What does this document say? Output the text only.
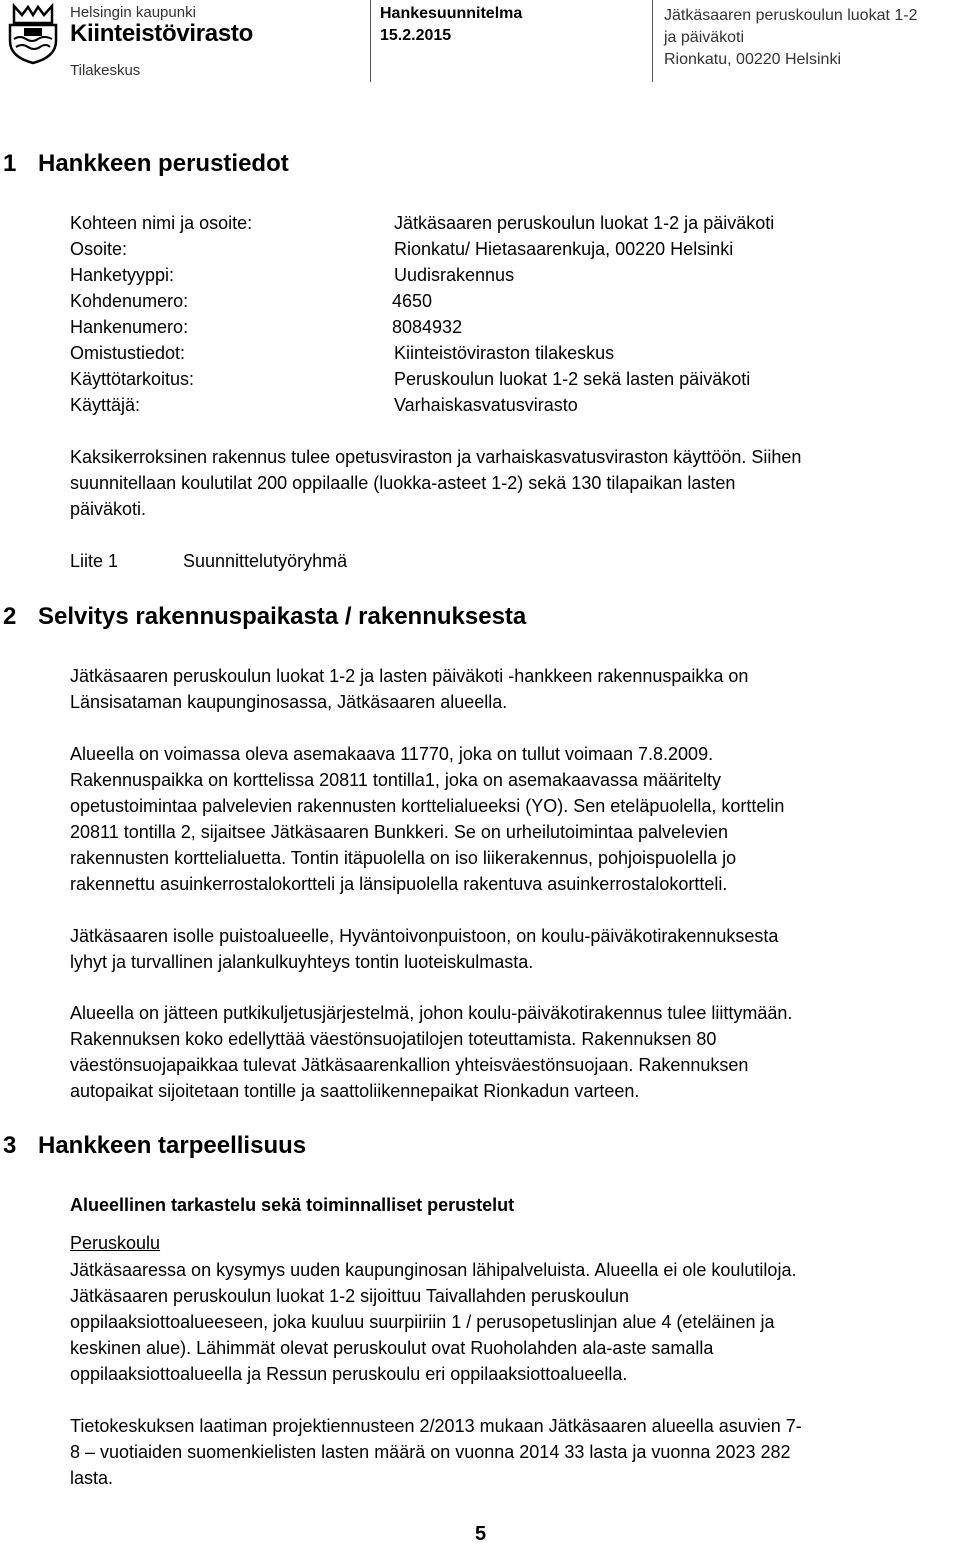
Helsingin kaupunki
Kiinteistövirasto
Tilakeskus
Hankesuunnitelma
15.2.2015
Jätkäsaaren peruskoulun luokat 1-2
ja päiväkoti
Rionkatu, 00220 Helsinki
1 Hankkeen perustiedot
Kohteen nimi ja osoite:	Jätkäsaaren peruskoulun luokat 1-2 ja päiväkoti
Osoite:	Rionkatu/ Hietasaarenkuja, 00220 Helsinki
Hanketyyppi:	Uudisrakennus
Kohdenumero:	4650
Hankenumero:	8084932
Omistustiedot:	Kiinteistöviraston tilakeskus
Käyttötarkoitus:	Peruskoulun luokat 1-2 sekä lasten päiväkoti
Käyttäjä:	Varhaiskasvatusvirasto
Kaksikerroksinen rakennus tulee opetusviraston ja varhaiskasvatusviraston käyttöön. Siihen
suunnitellaan koulutilat 200 oppilaalle (luokka-asteet 1-2) sekä 130 tilapaikan lasten
päiväkoti.
Liite 1	Suunnittelutyöryhmä
2 Selvitys rakennuspaikasta / rakennuksesta
Jätkäsaaren peruskoulun luokat 1-2 ja lasten päiväkoti -hankkeen rakennuspaikka on
Länsisataman kaupunginosassa, Jätkäsaaren alueella.
Alueella on voimassa oleva asemakaava 11770, joka on tullut voimaan 7.8.2009.
Rakennuspaikka on korttelissa 20811 tontilla1, joka on asemakaavassa määritelty
opetustoimintaa palvelevien rakennusten korttelialueeksi (YO). Sen eteläpuolella, korttelin
20811 tontilla 2, sijaitsee Jätkäsaaren Bunkkeri. Se on urheilutoimintaa palvelevien
rakennusten korttelialuetta. Tontin itäpuolella on iso liikerakennus, pohjoispuolella jo
rakennettu asuinkerrostalokortteli ja länsipuolella rakentuva asuinkerrostalokortteli.
Jätkäsaaren isolle puistoalueelle, Hyväntoivonpuistoon, on koulu-päiväkotirakennuksesta
lyhyt ja turvallinen jalankulkuyhteys tontin luoteiskulmasta.
Alueella on jätteen putkikuljetusjärjestelmä, johon koulu-päiväkotirakennus tulee liittymään.
Rakennuksen koko edellyttää väestönsuojatilojen toteuttamista. Rakennuksen 80
väestönsuojapaikkaa tulevat Jätkäsaarenkallion yhteisväestönsuojaan. Rakennuksen
autopaikat sijoitetaan tontille ja saattoliikennepaikat Rionkadun varteen.
3 Hankkeen tarpeellisuus
Alueellinen tarkastelu sekä toiminnalliset perustelut
Peruskoulu
Jätkäsaaressa on kysymys uuden kaupunginosan lähipalveluista. Alueella ei ole koulutiloja.
Jätkäsaaren peruskoulun luokat 1-2 sijoittuu Taivallahden peruskoulun
oppilaaksiottoalueeseen, joka kuuluu suurpiiriin 1 / perusopetuslinjan alue 4 (eteläinen ja
keskinen alue). Lähimmät olevat peruskoulut ovat Ruoholahden ala-aste samalla
oppilaaksiottoalueella ja Ressun peruskoulu eri oppilaaksiottoalueella.
Tietokeskuksen laatiman projektiennusteen 2/2013 mukaan Jätkäsaaren alueella asuvien 7-
8 – vuotiaiden suomenkielisten lasten määrä on vuonna 2014 33 lasta ja vuonna 2023 282
lasta.
5
